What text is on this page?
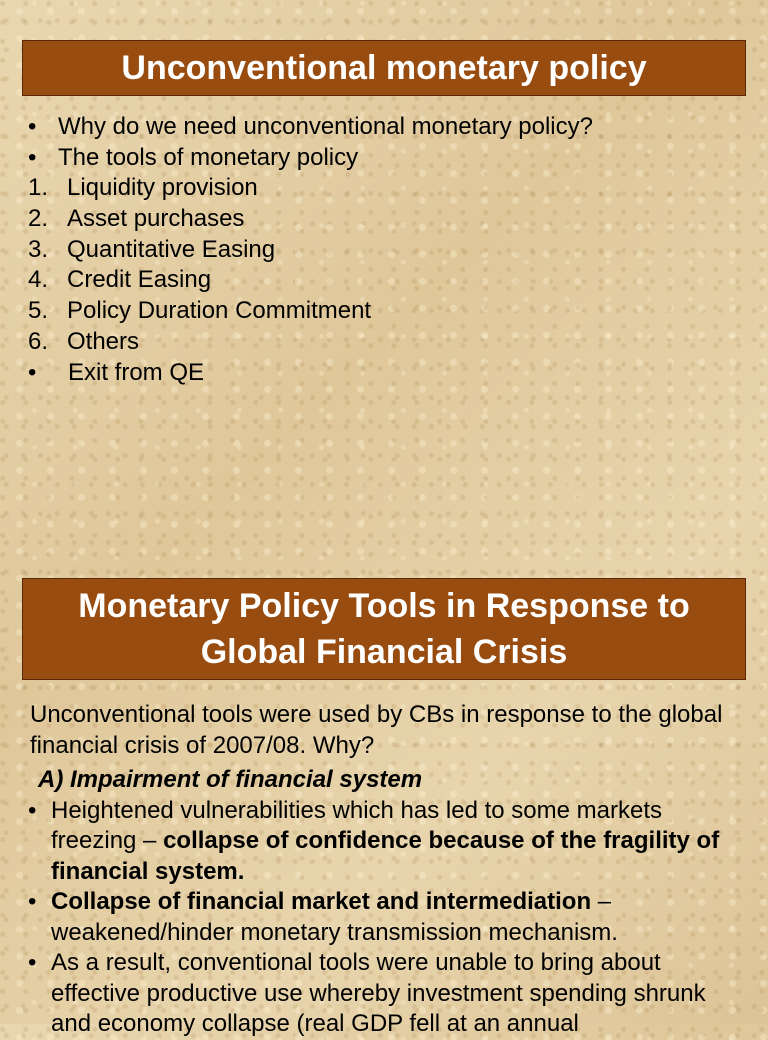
Unconventional monetary policy
• Why do we need unconventional monetary policy?
• The tools of monetary policy
1. Liquidity provision
2. Asset purchases
3. Quantitative Easing
4. Credit Easing
5. Policy Duration Commitment
6. Others
• Exit from QE
Monetary Policy Tools in Response to
Global Financial Crisis

Unconventional tools were used by CBs in response to the global financial crisis of 2007/08. Why?

A) Impairment of financial system

• Heightened vulnerabilities which has led to some markets freezing – collapse of confidence because of the fragility of financial system.
• Collapse of financial market and intermediation – weakened/hinder monetary transmission mechanism.
• As a result, conventional tools were unable to bring about effective productive use whereby investment spending shrunk and economy collapse (real GDP fell at an annual
